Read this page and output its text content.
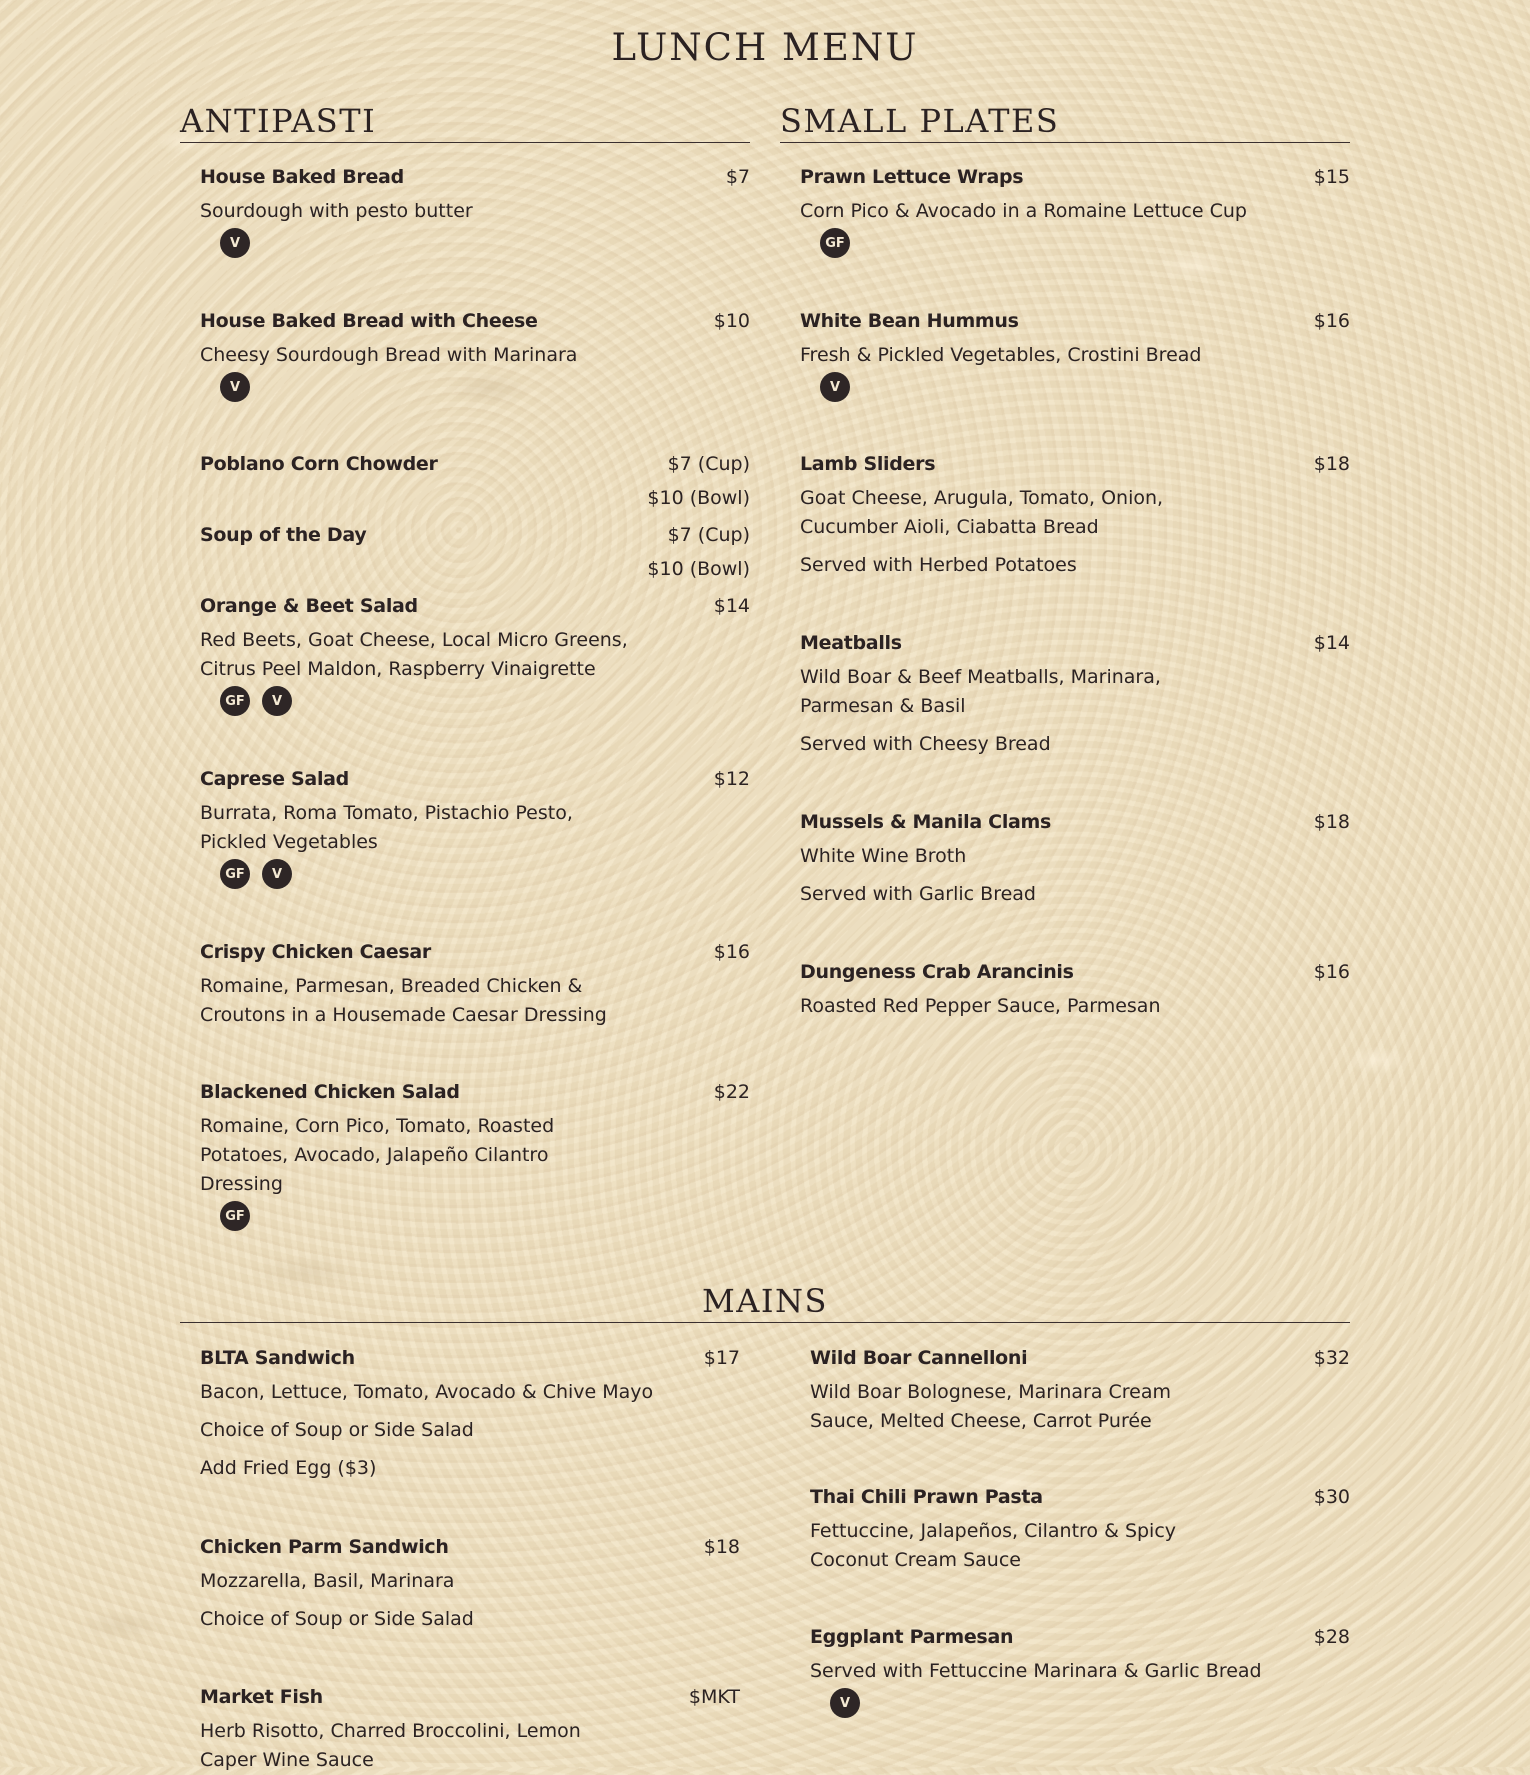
LUNCH MENU
ANTIPASTI
House Baked Bread	$7
Sourdough with pesto butter
V
House Baked Bread with Cheese	$10
Cheesy Sourdough Bread with Marinara
V
Poblano Corn Chowder	$7 (Cup)
$10 (Bowl)
Soup of the Day	$7 (Cup)
$10 (Bowl)
Orange & Beet Salad	$14
Red Beets, Goat Cheese, Local Micro Greens, Citrus Peel Maldon, Raspberry Vinaigrette
GF	V
Caprese Salad	$12
Burrata, Roma Tomato, Pistachio Pesto, Pickled Vegetables
GF	V
Crispy Chicken Caesar	$16
Romaine, Parmesan, Breaded Chicken & Croutons in a Housemade Caesar Dressing
Blackened Chicken Salad	$22
Romaine, Corn Pico, Tomato, Roasted Potatoes, Avocado, Jalapeño Cilantro Dressing
GF
SMALL PLATES
Prawn Lettuce Wraps	$15
Corn Pico & Avocado in a Romaine Lettuce Cup
GF
White Bean Hummus	$16
Fresh & Pickled Vegetables, Crostini Bread
V
Lamb Sliders	$18
Goat Cheese, Arugula, Tomato, Onion, Cucumber Aioli, Ciabatta Bread
Served with Herbed Potatoes
Meatballs	$14
Wild Boar & Beef Meatballs, Marinara, Parmesan & Basil
Served with Cheesy Bread
Mussels & Manila Clams	$18
White Wine Broth
Served with Garlic Bread
Dungeness Crab Arancinis	$16
Roasted Red Pepper Sauce, Parmesan
MAINS
BLTA Sandwich	$17
Bacon, Lettuce, Tomato, Avocado & Chive Mayo
Choice of Soup or Side Salad
Add Fried Egg ($3)
Chicken Parm Sandwich	$18
Mozzarella, Basil, Marinara
Choice of Soup or Side Salad
Market Fish	$MKT
Herb Risotto, Charred Broccolini, Lemon Caper Wine Sauce
Wild Boar Cannelloni	$32
Wild Boar Bolognese, Marinara Cream Sauce, Melted Cheese, Carrot Purée
Thai Chili Prawn Pasta	$30
Fettuccine, Jalapeños, Cilantro & Spicy Coconut Cream Sauce
Eggplant Parmesan	$28
Served with Fettuccine Marinara & Garlic Bread
V
